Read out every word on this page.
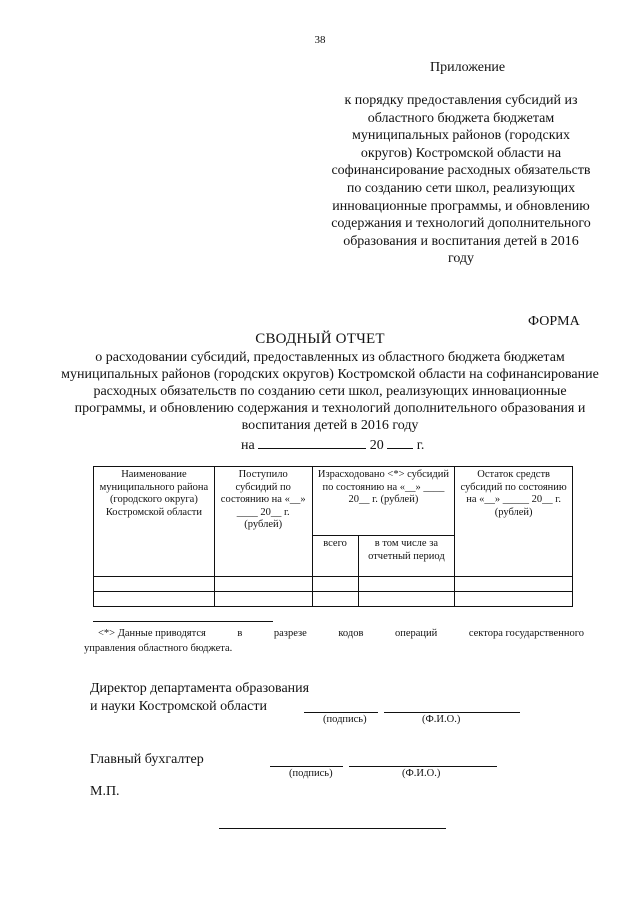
38
Приложение
к порядку предоставления субсидий из областного бюджета бюджетам муниципальных районов (городских округов) Костромской области на софинансирование расходных обязательств по созданию сети школ, реализующих инновационные программы, и обновлению содержания и технологий дополнительного образования и воспитания детей в 2016 году
ФОРМА
СВОДНЫЙ ОТЧЕТ
о расходовании субсидий, предоставленных из областного бюджета бюджетам муниципальных районов (городских округов) Костромской области на софинансирование расходных обязательств по созданию сети школ, реализующих инновационные программы, и обновлению содержания и технологий дополнительного образования и воспитания детей в 2016 году
на	20 г.
Наименование муниципального района (городского округа) Костромской области	Поступило субсидий по состоянию на «__» ____ 20__ г. (рублей)	Израсходовано <*> субсидий по состоянию на «__» ____ 20__ г. (рублей)		Остаток средств субсидий по состоянию на «__» _____ 20__ г. (рублей)
		всего	в том числе за отчетный период	

<*> Данные приводятся	в	разрезе	кодов	операций	сектора государственного
управления областного бюджета.
Директор департамента образования
и науки Костромской области
(подпись)	(Ф.И.О.)
Главный бухгалтер
(подпись)	(Ф.И.О.)
М.П.
